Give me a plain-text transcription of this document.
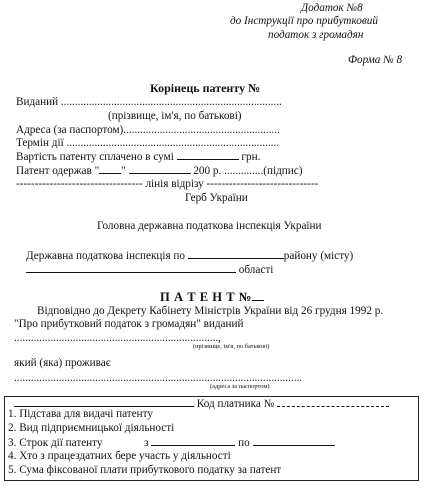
Додаток №8
до Інструкції про прибутковий
податок з громадян
Форма № 8
Корінець патенту №
Виданий ...............................................................................
(прізвище, ім'я, по батькові)
Адреса (за паспортом)........................................................
Термін дії ............................................................................
Вартість патенту сплачено в сумі	грн.
Патент одержав " "	200 р. ..............(підпис)
---------------------------------- лінія відрізу ------------------------------
Герб України
Головна державна податкова інспекція України
Державна податкова інспекція по	району (місту)
області
П А Т Е Н Т №
Відповідно до Декрету Кабінету Міністрів України від 26 грудня 1992 р.
"Про прибутковий податок з громадян" виданий
.........................................................................,
(прізвище, ім'я, по батькові)
який (яка) проживає
.......................................................................................................
(адреса за паспортом)
Код платника №
1. Підстава для видачі патенту
2. Вид підприємницької діяльності
3. Строк дії патенту	з	по
4. Хто з працездатних бере участь у діяльності
5. Сума фіксованої плати прибуткового податку за патент
